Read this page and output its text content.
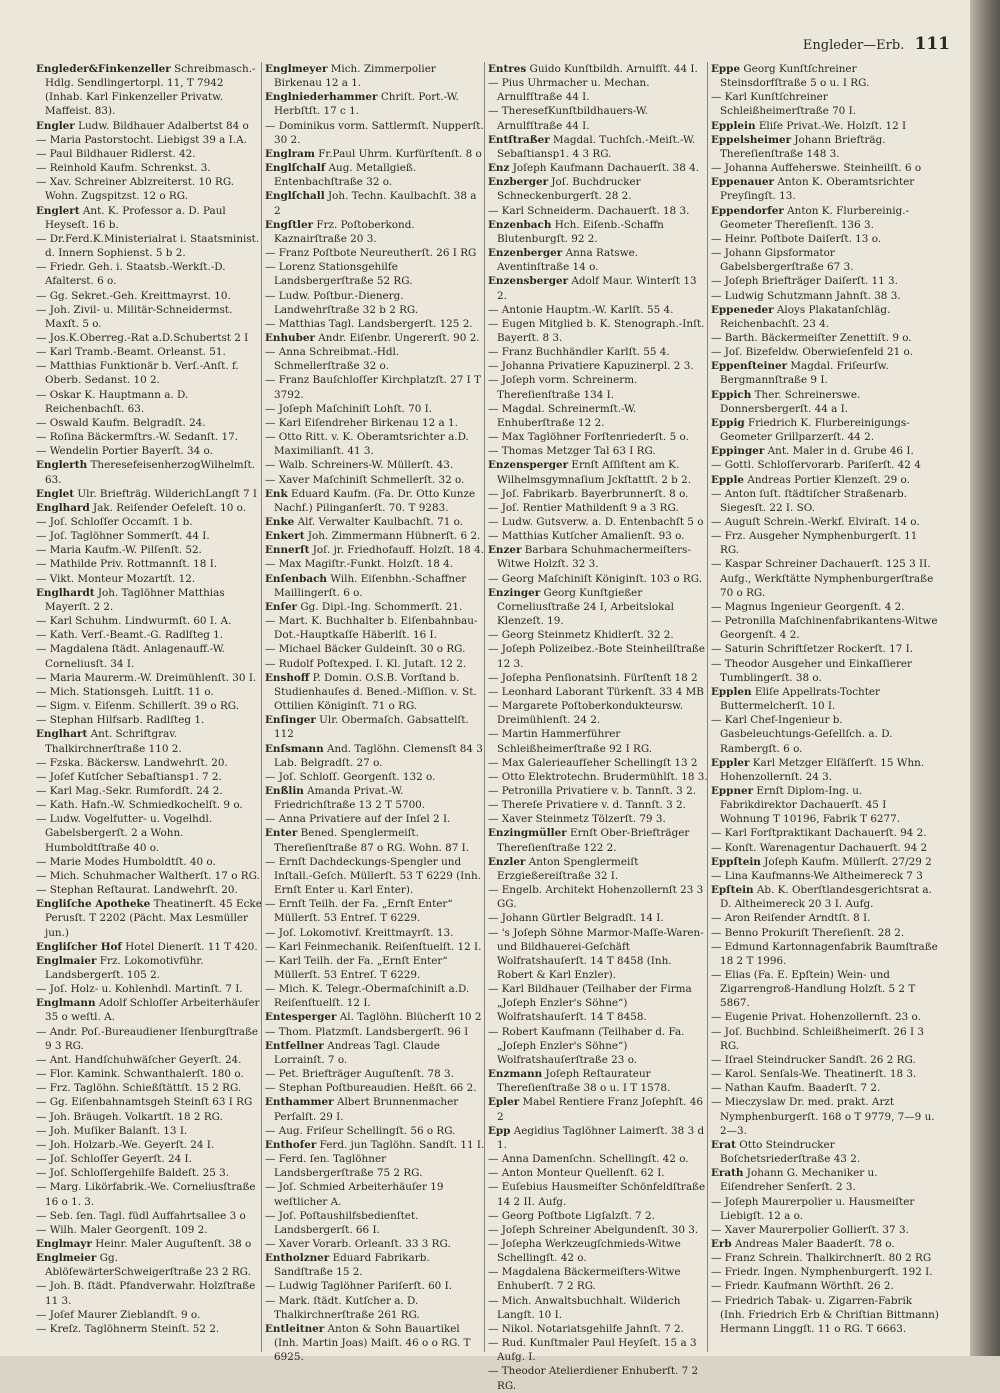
Engleder—Erb. 111

Engleder&Finkenzeller Schreibmasch.-Hdlg. Sendlingertorpl. 11, T 7942 (Inhab. Karl Finkenzeller Privatw. Maffeist. 83).

Engler Ludw. Bildhauer Adalbertst 84 o

— Maria Pastorstocht. Liebigst 39 a I.A.

— Paul Bildhauer Ridlerst. 42.

— Reinhold Kaufm. Schrenkst. 3.

— Xav. Schreiner Ablzreiterst. 10 RG. Wohn. Zugspitzst. 12 o RG.

Englert Ant. K. Professor a. D. Paul Heyseſt. 16 b.

— Dr.Ferd.K.Ministerialrat i. Staatsminist. d. Innern Sophienst. 5 b 2.

— Friedr. Geh. i. Staatsb.-Werkſt.-D. Afalterst. 6 o.

— Gg. Sekret.-Geh. Kreittmayrst. 10.

— Joh. Zivil- u. Militär-Schneidermst. Maxſt. 5 o.

— Jos.K.Oberreg.-Rat a.D.Schubertst 2 I

— Karl Tramb.-Beamt. Orleanst. 51.

— Matthias Funktionär b. Verſ.-Anſt. f. Oberb. Sedanst. 10 2.

— Oskar K. Hauptmann a. D. Reichenbachſt. 63.

— Oswald Kaufm. Belgradſt. 24.

— Roſina Bäckermſtrs.-W. Sedanſt. 17.

— Wendelin Portier Bayerſt. 34 o.

Englerth TheresefeisenherzogWilhelmſt. 63.

Englet Ulr. Briefträg. WilderichLangſt 7 I

Englhard Jak. Reiſender Oefeleſt. 10 o.

— Joſ. Schloſſer Occamſt. 1 b.

— Joſ. Taglöhner Sommerſt. 44 I.

— Maria Kaufm.-W. Pilſenſt. 52.

— Mathilde Priv. Rottmannſt. 18 I.

— Vikt. Monteur Mozartſt. 12.

Englhardt Joh. Taglöhner Matthias Mayerſt. 2 2.

— Karl Schuhm. Lindwurmſt. 60 I. A.

— Kath. Verſ.-Beamt.-G. Radlſteg 1.

— Magdalena ſtädt. Anlagenauff.-W. Corneliusſt. 34 I.

— Maria Maurerm.-W. Dreimühlenſt. 30 I.

— Mich. Stationsgeh. Luitſt. 11 o.

— Sigm. v. Eiſenm. Schillerſt. 39 o RG.

— Stephan Hilfsarb. Radlſteg 1.

Englhart Ant. Schriftgrav. Thalkirchnerſtraße 110 2.

— Fzska. Bäckersw. Landwehrſt. 20.

— Joſef Kutſcher Sebaſtiansp1. 7 2.

— Karl Mag.-Sekr. Rumfordſt. 24 2.

— Kath. Hafn.-W. Schmiedkochelſt. 9 o.

— Ludw. Vogelfutter- u. Vogelhdl. Gabelsbergerſt. 2 a Wohn. Humboldtſtraße 40 o.

— Marie Modes Humboldtſt. 40 o.

— Mich. Schuhmacher Waltherſt. 17 o RG.

— Stephan Reſtaurat. Landwehrſt. 20.

Engliſche Apotheke Theatinerſt. 45 Ecke Perusſt. T 2202 (Pächt. Max Lesmüller jun.)

Engliſcher Hof Hotel Dienerſt. 11 T 420.

Englmaier Frz. Lokomotivführ. Landsbergerſt. 105 2.

— Joſ. Holz- u. Kohlenhdl. Martinſt. 7 I.

Englmann Adolf Schloſſer Arbeiterhäuſer 35 o weſtl. A.

— Andr. Poſ.-Bureaudiener Iſenburgſtraße 9 3 RG.

— Ant. Handſchuhwäſcher Geyerſt. 24.

— Flor. Kamink. Schwanthalerſt. 180 o.

— Frz. Taglöhn. Schießſtättſt. 15 2 RG.

— Gg. Eiſenbahnamtsgeh Steinſt 63 I RG

— Joh. Bräugeh. Volkartſt. 18 2 RG.

— Joh. Muſiker Balanſt. 13 I.

— Joh. Holzarb.-We. Geyerſt. 24 I.

— Joſ. Schloſſer Geyerſt. 24 I.

— Joſ. Schloſſergehilfe Baldeſt. 25 3.

— Marg. Likörfabrik.-We. Corneliusſtraße 16 o 1. 3.

— Seb. ſen. Tagl. füdl Auffahrtsallee 3 o

— Wilh. Maler Georgenſt. 109 2.

Englmayr Heinr. Maler Auguſtenſt. 38 o

Englmeier Gg. AblöſewärterSchweigerſtraße 23 2 RG.

— Joh. B. ſtädt. Pfandverwahr. Holzſtraße 11 3.

— Joſef Maurer Zieblandſt. 9 o.

— Kreſz. Taglöhnerm Steinſt. 52 2.

Englmeyer Mich. Zimmerpolier Birkenau 12 a 1.

Englniederhammer Chriſt. Port.-W. Herbſtſt. 17 c 1.

— Dominikus vorm. Sattlermſt. Nupperſt. 30 2.

Englram Fr.Paul Uhrm. Kurfürſtenſt. 8 o

Englſchalf Aug. Metallgieß. Entenbachſtraße 32 o.

Englſchall Joh. Techn. Kaulbachſt. 38 a 2

Engſtler Frz. Poſtoberkond. Kaznairſtraße 20 3.

— Franz Poſtbote Neureutherſt. 26 I RG

— Lorenz Stationsgehilfe Landsbergerſtraße 52 RG.

— Ludw. Poſtbur.-Dienerg. Landwehrſtraße 32 b 2 RG.

— Matthias Tagl. Landsbergerſt. 125 2.

Enhuber Andr. Eiſenbr. Ungererſt. 90 2.

— Anna Schreibmat.-Hdl. Schmellerſtraße 32 o.

— Franz Bauſchloſſer Kirchplatzſt. 27 I T 3792.

— Joſeph Maſchiniſt Lohſt. 70 I.

— Karl Eiſendreher Birkenau 12 a 1.

— Otto Ritt. v. K. Oberamtsrichter a.D. Maximilianſt. 41 3.

— Walb. Schreiners-W. Müllerſt. 43.

— Xaver Maſchiniſt Schmellerſt. 32 o.

Enk Eduard Kaufm. (Fa. Dr. Otto Kunze Nachf.) Pilinganſerſt. 70. T 9283.

Enke Alf. Verwalter Kaulbachſt. 71 o.

Enkert Joh. Zimmermann Hübnerſt. 6 2.

Ennerſt Joſ. jr. Friedhofauff. Holzſt. 18 4.

— Max Magiſtr.-Funkt. Holzſt. 18 4.

Enſenbach Wilh. Eiſenbhn.-Schaffner Maillingerſt. 6 o.

Enſer Gg. Dipl.-Ing. Schommerſt. 21.

— Mart. K. Buchhalter b. Eiſenbahnbau-Dot.-Hauptkaſſe Häberlſt. 16 I.

— Michael Bäcker Guldeinſt. 30 o RG.

— Rudolf Poſtexped. I. Kl. Jutaſt. 12 2.

Enshoff P. Domin. O.S.B. Vorſtand b. Studienhauſes d. Bened.-Miſſion. v. St. Ottilien Königinſt. 71 o RG.

Enſinger Ulr. Obermaſch. Gabsattelſt. 112

Enſsmann And. Taglöhn. Clemensſt 84 3 Lab. Belgradſt. 27 o.

— Joſ. Schloſſ. Georgenſt. 132 o.

Enßlin Amanda Privat.-W. Friedrichſtraße 13 2 T 5700.

— Anna Privatiere auf der Inſel 2 I.

Enter Bened. Spenglermeiſt. Thereſienſtraße 87 o RG. Wohn. 87 I.

— Ernſt Dachdeckungs-Spengler und Inſtall.-Geſch. Müllerſt. 53 T 6229 (Inh. Ernſt Enter u. Karl Enter).

— Ernſt Teilh. der Fa. „Ernſt Enter“ Müllerſt. 53 Entreſ. T 6229.

— Joſ. Lokomotivf. Kreittmayrſt. 13.

— Karl Feinmechanik. Reiſenſtuelſt. 12 I.

— Karl Teilh. der Fa. „Ernſt Enter“ Müllerſt. 53 Entreſ. T 6229.

— Mich. K. Telegr.-Obermaſchiniſt a.D. Reiſenſtuelſt. 12 I.

Entesperger Al. Taglöhn. Blücherſt 10 2

— Thom. Platzmſt. Landsbergerſt. 96 I

Entfellner Andreas Tagl. Claude Lorrainſt. 7 o.

— Pet. Briefträger Auguſtenſt. 78 3.

— Stephan Poſtbureaudien. Heßſt. 66 2.

Enthammer Albert Brunnenmacher Perſalſt. 29 I.

— Aug. Friſeur Schellingſt. 56 o RG.

Enthofer Ferd. jun Taglöhn. Sandſt. 11 I.

— Ferd. ſen. Taglöhner Landsbergerſtraße 75 2 RG.

— Joſ. Schmied Arbeiterhäuſer 19 weſtlicher A.

— Joſ. Poſtaushilfsbedienſtet. Landsbergerſt. 66 I.

— Xaver Vorarb. Orleanſt. 33 3 RG.

Entholzner Eduard Fabrikarb. Sandſtraße 15 2.

— Ludwig Taglöhner Pariſerſt. 60 I.

— Mark. ſtädt. Kutſcher a. D. Thalkirchnerſtraße 261 RG.

Entleitner Anton & Sohn Bauartikel (Inh. Martin Joas) Maiſt. 46 o o RG. T 6925.

Entres Guido Kunſtbildh. Arnulfſt. 44 I.

— Pius Uhrmacher u. Mechan. Arnulfſtraße 44 I.

— TheresefKunſtbildhauers-W. Arnulfſtraße 44 I.

Entſtraßer Magdal. Tuchſch.-Meiſt.-W. Sebaſtiansp1. 4 3 RG.

Enz Joſeph Kaufmann Dachauerſt. 38 4.

Enzberger Joſ. Buchdrucker Schneckenburgerſt. 28 2.

— Karl Schneiderm. Dachauerſt. 18 3.

Enzenbach Hch. Eiſenb.-Schaffn Blutenburgſt. 92 2.

Enzenberger Anna Ratswe. Aventinſtraße 14 o.

Enzensberger Adolf Maur. Winterſt 13 2.

— Antonie Hauptm.-W. Karlſt. 55 4.

— Eugen Mitglied b. K. Stenograph.-Inſt. Bayerſt. 8 3.

— Franz Buchhändler Karlſt. 55 4.

— Johanna Privatiere Kapuzinerpl. 2 3.

— Joſeph vorm. Schreinerm. Thereſienſtraße 134 I.

— Magdal. Schreinermſt.-W. Enhuberſtraße 12 2.

— Max Taglöhner Forſtenriederſt. 5 o.

— Thomas Metzger Tal 63 I RG.

Enzensperger Ernſt Aſſiſtent am K. Wilhelmsgymnaſium Jckſtattſt. 2 b 2.

— Joſ. Fabrikarb. Bayerbrunnerſt. 8 o.

— Joſ. Rentier Mathildenſt 9 a 3 RG.

— Ludw. Gutsverw. a. D. Entenbachſt 5 o

— Matthias Kutſcher Amalienſt. 93 o.

Enzer Barbara Schuhmachermeiſters-Witwe Holzſt. 32 3.

— Georg Maſchiniſt Königinſt. 103 o RG.

Enzinger Georg Kunſtgießer Corneliusſtraße 24 I, Arbeitslokal Klenzeſt. 19.

— Georg Steinmetz Khidlerſt. 32 2.

— Joſeph Polizeibez.-Bote Steinheilſtraße 12 3.

— Joſepha Penſionatsinh. Fürſtenſt 18 2

— Leonhard Laborant Türkenſt. 33 4 MB

— Margarete Poſtoberkondukteursw. Dreimühlenſt. 24 2.

— Martin Hammerführer Schleißheimerſtraße 92 I RG.

— Max Galerieaufſeher Schellingſt 13 2

— Otto Elektrotechn. Brudermühlſt. 18 3.

— Petronilla Privatiere v. b. Tannſt. 3 2.

— Thereſe Privatiere v. d. Tannſt. 3 2.

— Xaver Steinmetz Tölzerſt. 79 3.

Enzingmüller Ernſt Ober-Briefträger Thereſienſtraße 122 2.

Enzler Anton Spenglermeiſt Erzgießereiſtraße 32 I.

— Engelb. Architekt Hohenzollernſt 23 3 GG.

— Johann Gürtler Belgradſt. 14 I.

— 's Joſeph Söhne Marmor-Maſſe-Waren- und Bildhauerei-Geſchäft Wolfratshauſerſt. 14 T 8458 (Inh. Robert & Karl Enzler).

— Karl Bildhauer (Teilhaber der Firma „Joſeph Enzler's Söhne“) Wolfratshauſerſt. 14 T 8458.

— Robert Kaufmann (Teilhaber d. Fa. „Joſeph Enzler's Söhne“) Wolfratshauſerſtraße 23 o.

Enzmann Joſeph Reſtaurateur Thereſienſtraße 38 o u. I T 1578.

Epler Mabel Rentiere Franz Joſephſt. 46 2

Epp Aegidius Taglöhner Laimerſt. 38 3 d 1.

— Anna Damenſchn. Schellingſt. 42 o.

— Anton Monteur Quellenſt. 62 I.

— Euſebius Hausmeiſter Schönfeldſtraße 14 2 II. Aufg.

— Georg Poſtbote Ligſalzſt. 7 2.

— Joſeph Schreiner Abelgundenſt. 30 3.

— Joſepha Werkzeugſchmieds-Witwe Schellingſt. 42 o.

— Magdalena Bäckermeiſters-Witwe Enhuberſt. 7 2 RG.

— Mich. Anwaltsbuchhalt. Wilderich Langſt. 10 I.

— Nikol. Notariatsgehilfe Jahnſt. 7 2.

— Rud. Kunſtmaler Paul Heyſeſt. 15 a 3 Aufg. I.

— Theodor Atelierdiener Enhuberſt. 7 2 RG.

Eppe Georg Kunſtſchreiner Steinsdorfſtraße 5 o u. I RG.

— Karl Kunſtſchreiner Schleißheimerſtraße 70 I.

Epplein Eliſe Privat.-We. Holzſt. 12 I

Eppelsheimer Johann Briefträg. Thereſienſtraße 148 3.

— Johanna Auffeherswe. Steinheilſt. 6 o

Eppenauer Anton K. Oberamtsrichter Preyſingſt. 13.

Eppendorfer Anton K. Flurbereinig.-Geometer Thereſienſt. 136 3.

— Heinr. Poſtbote Daiſerſt. 13 o.

— Johann Gipsformator Gabelsbergerſtraße 67 3.

— Joſeph Briefträger Daiſerſt. 11 3.

— Ludwig Schutzmann Jahnſt. 38 3.

Eppeneder Aloys Plakatanſchläg. Reichenbachſt. 23 4.

— Barth. Bäckermeiſter Zenettiſt. 9 o.

— Joſ. Bizefeldw. Oberwieſenfeld 21 o.

Eppenſteiner Magdal. Friſeurſw. Bergmannſtraße 9 I.

Eppich Ther. Schreinerswe. Donnersbergerſt. 44 a I.

Eppig Friedrich K. Flurbereinigungs-Geometer Grillparzerſt. 44 2.

Eppinger Ant. Maler in d. Grube 46 I.

— Gottl. Schloſſervorarb. Pariſerſt. 42 4

Epple Andreas Portier Klenzeſt. 29 o.

— Anton ſuſt. ſtädtiſcher Straßenarb. Siegesſt. 22 I. SO.

— Auguſt Schrein.-Werkf. Elviraſt. 14 o.

— Frz. Ausgeher Nymphenburgerſt. 11 RG.

— Kaspar Schreiner Dachauerſt. 125 3 II. Aufg., Werkſtätte Nymphenburgerſtraße 70 o RG.

— Magnus Ingenieur Georgenſt. 4 2.

— Petronilla Maſchinenfabrikantens-Witwe Georgenſt. 4 2.

— Saturin Schriftſetzer Rockerſt. 17 I.

— Theodor Ausgeher und Einkaſſierer Tumblingerſt. 38 o.

Epplen Eliſe Appellrats-Tochter Buttermelcherſt. 10 I.

— Karl Chef-Ingenieur b. Gasbeleuchtungs-Geſellſch. a. D. Rambergſt. 6 o.

Eppler Karl Metzger Elſäſſerſt. 15 Whn. Hohenzollernſt. 24 3.

Eppner Ernſt Diplom-Ing. u. Fabrikdirektor Dachauerſt. 45 I Wohnung T 10196, Fabrik T 6277.

— Karl Forſtpraktikant Dachauerſt. 94 2.

— Konſt. Warenagentur Dachauerſt. 94 2

Eppſtein Joſeph Kaufm. Müllerſt. 27/29 2

— Lina Kaufmanns-We Altheimereck 7 3

Epſtein Ab. K. Oberſtlandesgerichtsrat a. D. Altheimereck 20 3 I. Aufg.

— Aron Reiſender Arndtſt. 8 I.

— Benno Prokuriſt Thereſienſt. 28 2.

— Edmund Kartonnagenfabrik Baumſtraße 18 2 T 1996.

— Elias (Fa. E. Epſtein) Wein- und Zigarrengroß-Handlung Holzſt. 5 2 T 5867.

— Eugenie Privat. Hohenzollernſt. 23 o.

— Joſ. Buchbind. Schleißheimerſt. 26 I 3 RG.

— Iſrael Steindrucker Sandſt. 26 2 RG.

— Karol. Senſals-We. Theatinerſt. 18 3.

— Nathan Kaufm. Baaderſt. 7 2.

— Mieczyslaw Dr. med. prakt. Arzt Nymphenburgerſt. 168 o T 9779, 7—9 u. 2—3.

Erat Otto Steindrucker Boſchetsriederſtraße 43 2.

Erath Johann G. Mechaniker u. Eiſendreher Senſerſt. 2 3.

— Joſeph Maurerpolier u. Hausmeiſter Liebigſt. 12 a o.

— Xaver Maurerpolier Gollierſt. 37 3.

Erb Andreas Maler Baaderſt. 78 o.

— Franz Schrein. Thalkirchnerſt. 80 2 RG

— Friedr. Ingen. Nymphenburgerſt. 192 I.

— Friedr. Kaufmann Wörthſt. 26 2.

— Friedrich Tabak- u. Zigarren-Fabrik (Inh. Friedrich Erb & Chriſtian Bittmann) Hermann Linggſt. 11 o RG. T 6663.
